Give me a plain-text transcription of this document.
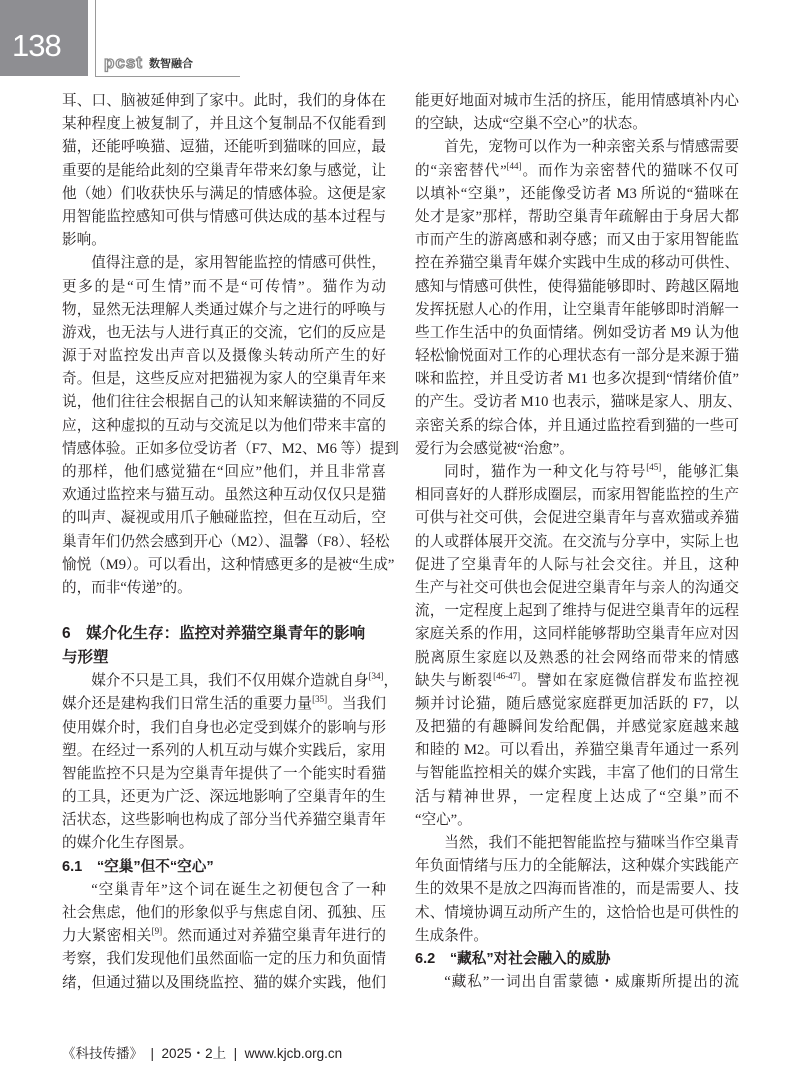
138	pcst 数智融合
耳、口、脑被延伸到了家中。此时，我们的身体在
某种程度上被复制了，并且这个复制品不仅能看到
猫，还能呼唤猫、逗猫，还能听到猫咪的回应，最
重要的是能给此刻的空巢青年带来幻象与感觉，让
他（她）们收获快乐与满足的情感体验。这便是家
用智能监控感知可供与情感可供达成的基本过程与
影响。
值得注意的是，家用智能监控的情感可供性，
更多的是“可生情”而不是“可传情”。猫作为动
物，显然无法理解人类通过媒介与之进行的呼唤与
游戏，也无法与人进行真正的交流，它们的反应是
源于对监控发出声音以及摄像头转动所产生的好
奇。但是，这些反应对把猫视为家人的空巢青年来
说，他们往往会根据自己的认知来解读猫的不同反
应，这种虚拟的互动与交流足以为他们带来丰富的
情感体验。正如多位受访者（F7、M2、M6 等）提到
的那样，他们感觉猫在“回应”他们，并且非常喜
欢通过监控来与猫互动。虽然这种互动仅仅只是猫
的叫声、凝视或用爪子触碰监控，但在互动后，空
巢青年们仍然会感到开心（M2）、温馨（F8）、轻松
愉悦（M9）。可以看出，这种情感更多的是被“生成”
的，而非“传递”的。
6　媒介化生存：监控对养猫空巢青年的影响
与形塑
媒介不只是工具，我们不仅用媒介造就自身[34]，
媒介还是建构我们日常生活的重要力量[35]。当我们
使用媒介时，我们自身也必定受到媒介的影响与形
塑。在经过一系列的人机互动与媒介实践后，家用
智能监控不只是为空巢青年提供了一个能实时看猫
的工具，还更为广泛、深远地影响了空巢青年的生
活状态，这些影响也构成了部分当代养猫空巢青年
的媒介化生存图景。
6.1　“空巢”但不“空心”
“空巢青年”这个词在诞生之初便包含了一种
社会焦虑，他们的形象似乎与焦虑自闭、孤独、压
力大紧密相关[9]。然而通过对养猫空巢青年进行的
考察，我们发现他们虽然面临一定的压力和负面情
绪，但通过猫以及围绕监控、猫的媒介实践，他们
能更好地面对城市生活的挤压，能用情感填补内心
的空缺，达成“空巢不空心”的状态。
首先，宠物可以作为一种亲密关系与情感需要
的“亲密替代”[44]。而作为亲密替代的猫咪不仅可
以填补“空巢”，还能像受访者 M3 所说的“猫咪在
处才是家”那样，帮助空巢青年疏解由于身居大都
市而产生的游离感和剥夺感；而又由于家用智能监
控在养猫空巢青年媒介实践中生成的移动可供性、
感知与情感可供性，使得猫能够即时、跨越区隔地
发挥抚慰人心的作用，让空巢青年能够即时消解一
些工作生活中的负面情绪。例如受访者 M9 认为他
轻松愉悦面对工作的心理状态有一部分是来源于猫
咪和监控，并且受访者 M1 也多次提到“情绪价值”
的产生。受访者 M10 也表示，猫咪是家人、朋友、
亲密关系的综合体，并且通过监控看到猫的一些可
爱行为会感觉被“治愈”。
同时，猫作为一种文化与符号[45]，能够汇集
相同喜好的人群形成圈层，而家用智能监控的生产
可供与社交可供，会促进空巢青年与喜欢猫或养猫
的人或群体展开交流。在交流与分享中，实际上也
促进了空巢青年的人际与社会交往。并且，这种
生产与社交可供也会促进空巢青年与亲人的沟通交
流，一定程度上起到了维持与促进空巢青年的远程
家庭关系的作用，这同样能够帮助空巢青年应对因
脱离原生家庭以及熟悉的社会网络而带来的情感
缺失与断裂[46-47]。譬如在家庭微信群发布监控视
频并讨论猫，随后感觉家庭群更加活跃的 F7，以
及把猫的有趣瞬间发给配偶，并感觉家庭越来越
和睦的 M2。可以看出，养猫空巢青年通过一系列
与智能监控相关的媒介实践，丰富了他们的日常生
活与精神世界，一定程度上达成了“空巢”而不
“空心”。
当然，我们不能把智能监控与猫咪当作空巢青
年负面情绪与压力的全能解法，这种媒介实践能产
生的效果不是放之四海而皆准的，而是需要人、技
术、情境协调互动所产生的，这恰恰也是可供性的
生成条件。
6.2　“藏私”对社会融入的威胁
“藏私”一词出自雷蒙德・威廉斯所提出的流
《科技传播》 | 2025・2上 | www.kjcb.org.cn
